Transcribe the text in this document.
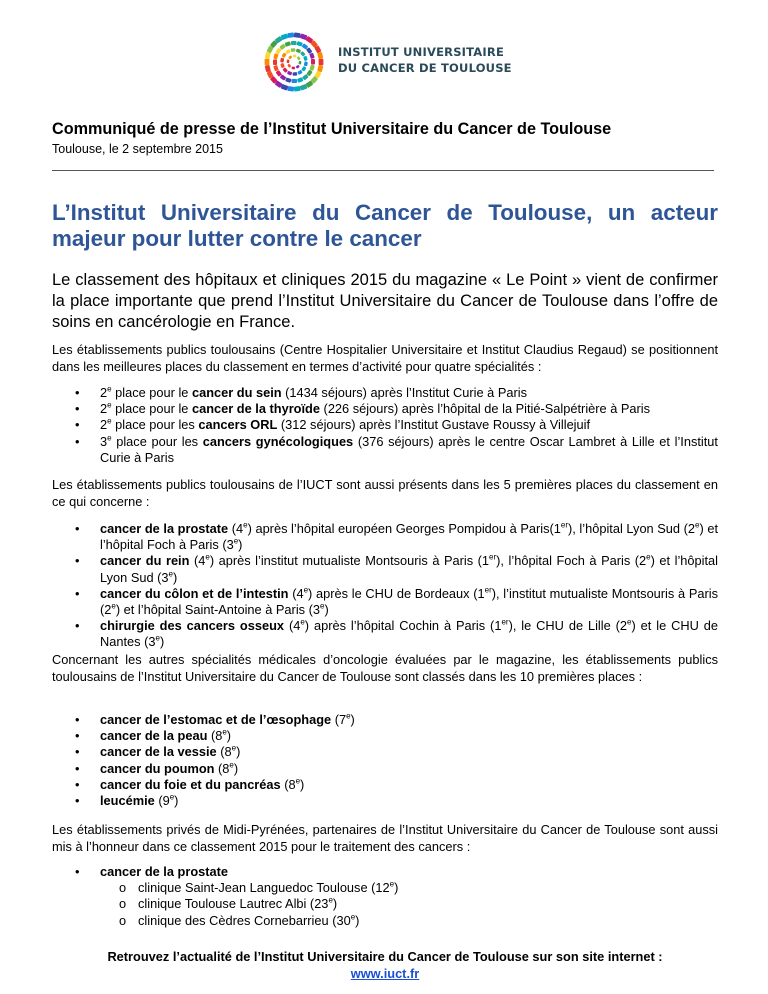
INSTITUT UNIVERSITAIRE
DU CANCER DE TOULOUSE
Communiqué de presse de l’Institut Universitaire du Cancer de Toulouse
Toulouse, le 2 septembre 2015
L’Institut Universitaire du Cancer de Toulouse, un acteur majeur pour lutter contre le cancer
Le classement des hôpitaux et cliniques 2015 du magazine « Le Point » vient de confirmer la place importante que prend l’Institut Universitaire du Cancer de Toulouse dans l’offre de soins en cancérologie en France.
Les établissements publics toulousains (Centre Hospitalier Universitaire et Institut Claudius Regaud) se positionnent dans les meilleures places du classement en termes d’activité pour quatre spécialités :
• 2e place pour le cancer du sein (1434 séjours) après l’Institut Curie à Paris
• 2e place pour le cancer de la thyroïde (226 séjours) après l’hôpital de la Pitié-Salpétrière à Paris
• 2e place pour les cancers ORL (312 séjours) après l’Institut Gustave Roussy à Villejuif
• 3e place pour les cancers gynécologiques (376 séjours) après le centre Oscar Lambret à Lille et l’Institut Curie à Paris
Les établissements publics toulousains de l’IUCT sont aussi présents dans les 5 premières places du classement en ce qui concerne :
• cancer de la prostate (4e) après l’hôpital européen Georges Pompidou à Paris(1er), l’hôpital Lyon Sud (2e) et l’hôpital Foch à Paris (3e)
• cancer du rein (4e) après l’institut mutualiste Montsouris à Paris (1er), l’hôpital Foch à Paris (2e) et l’hôpital Lyon Sud (3e)
• cancer du côlon et de l’intestin (4e) après le CHU de Bordeaux (1er), l’institut mutualiste Montsouris à Paris (2e) et l’hôpital Saint-Antoine à Paris (3e)
• chirurgie des cancers osseux (4e) après l’hôpital Cochin à Paris (1er), le CHU de Lille (2e) et le CHU de Nantes (3e)
Concernant les autres spécialités médicales d’oncologie évaluées par le magazine, les établissements publics toulousains de l’Institut Universitaire du Cancer de Toulouse sont classés dans les 10 premières places :
• cancer de l’estomac et de l’œsophage (7e)
• cancer de la peau (8e)
• cancer de la vessie (8e)
• cancer du poumon (8e)
• cancer du foie et du pancréas (8e)
• leucémie (9e)
Les établissements privés de Midi-Pyrénées, partenaires de l’Institut Universitaire du Cancer de Toulouse sont aussi mis à l’honneur dans ce classement 2015 pour le traitement des cancers :
• cancer de la prostate
o clinique Saint-Jean Languedoc Toulouse (12e)
o clinique Toulouse Lautrec Albi (23e)
o clinique des Cèdres Cornebarrieu (30e)
Retrouvez l’actualité de l’Institut Universitaire du Cancer de Toulouse sur son site internet :
www.iuct.fr
